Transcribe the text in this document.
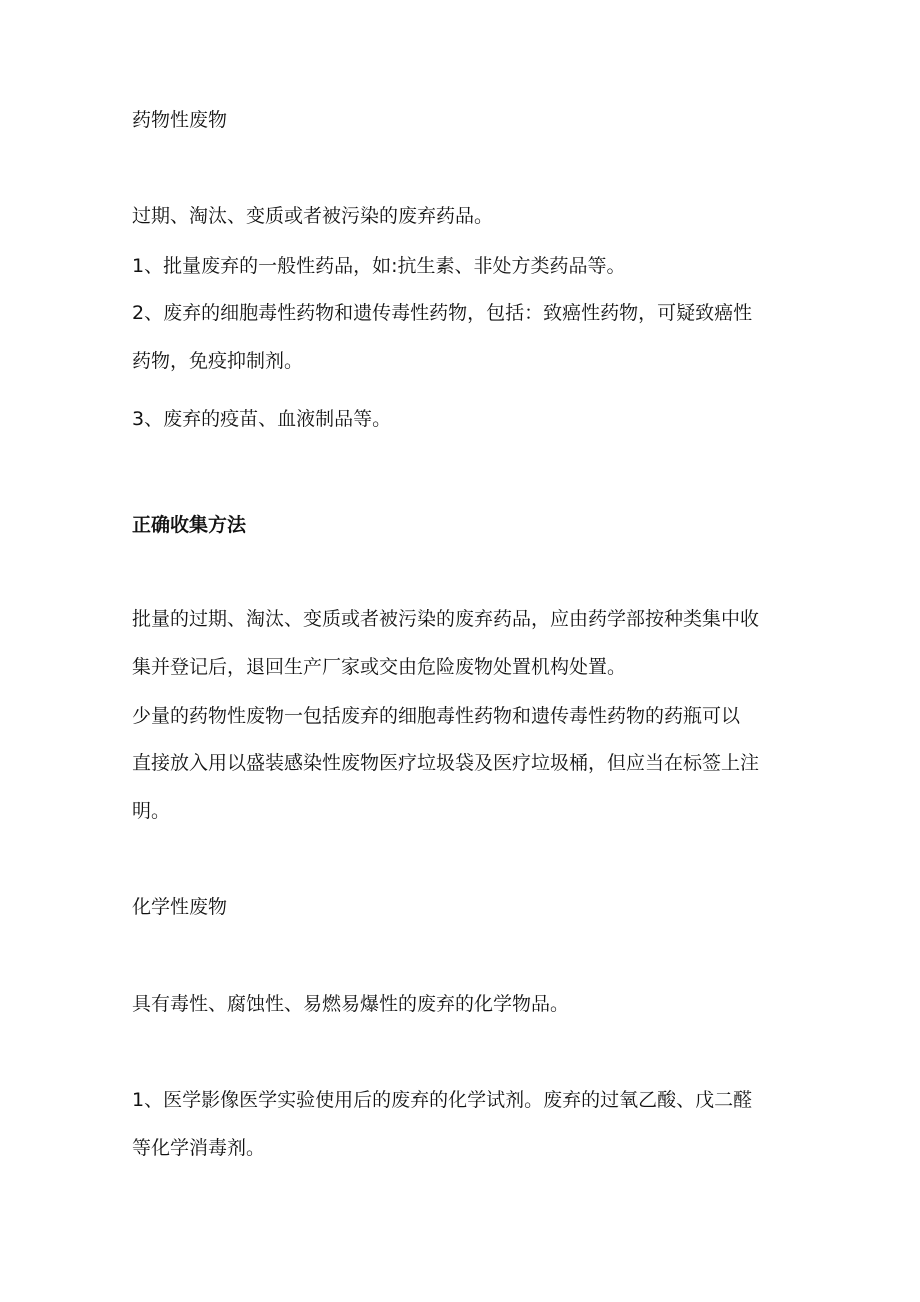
药物性废物

过期、淘汰、变质或者被污染的废弃药品。

1、批量废弃的一般性药品，如:抗生素、非处方类药品等。

2、废弃的细胞毒性药物和遗传毒性药物，包括：致癌性药物，可疑致癌性

药物，免疫抑制剂。

3、废弃的疫苗、血液制品等。

正确收集方法

批量的过期、淘汰、变质或者被污染的废弃药品，应由药学部按种类集中收

集并登记后，退回生产厂家或交由危险废物处置机构处置。

少量的药物性废物一包括废弃的细胞毒性药物和遗传毒性药物的药瓶可以

直接放入用以盛装感染性废物医疗垃圾袋及医疗垃圾桶，但应当在标签上注

明。

化学性废物

具有毒性、腐蚀性、易燃易爆性的废弃的化学物品。

1、医学影像医学实验使用后的废弃的化学试剂。废弃的过氧乙酸、戊二醛

等化学消毒剂。
